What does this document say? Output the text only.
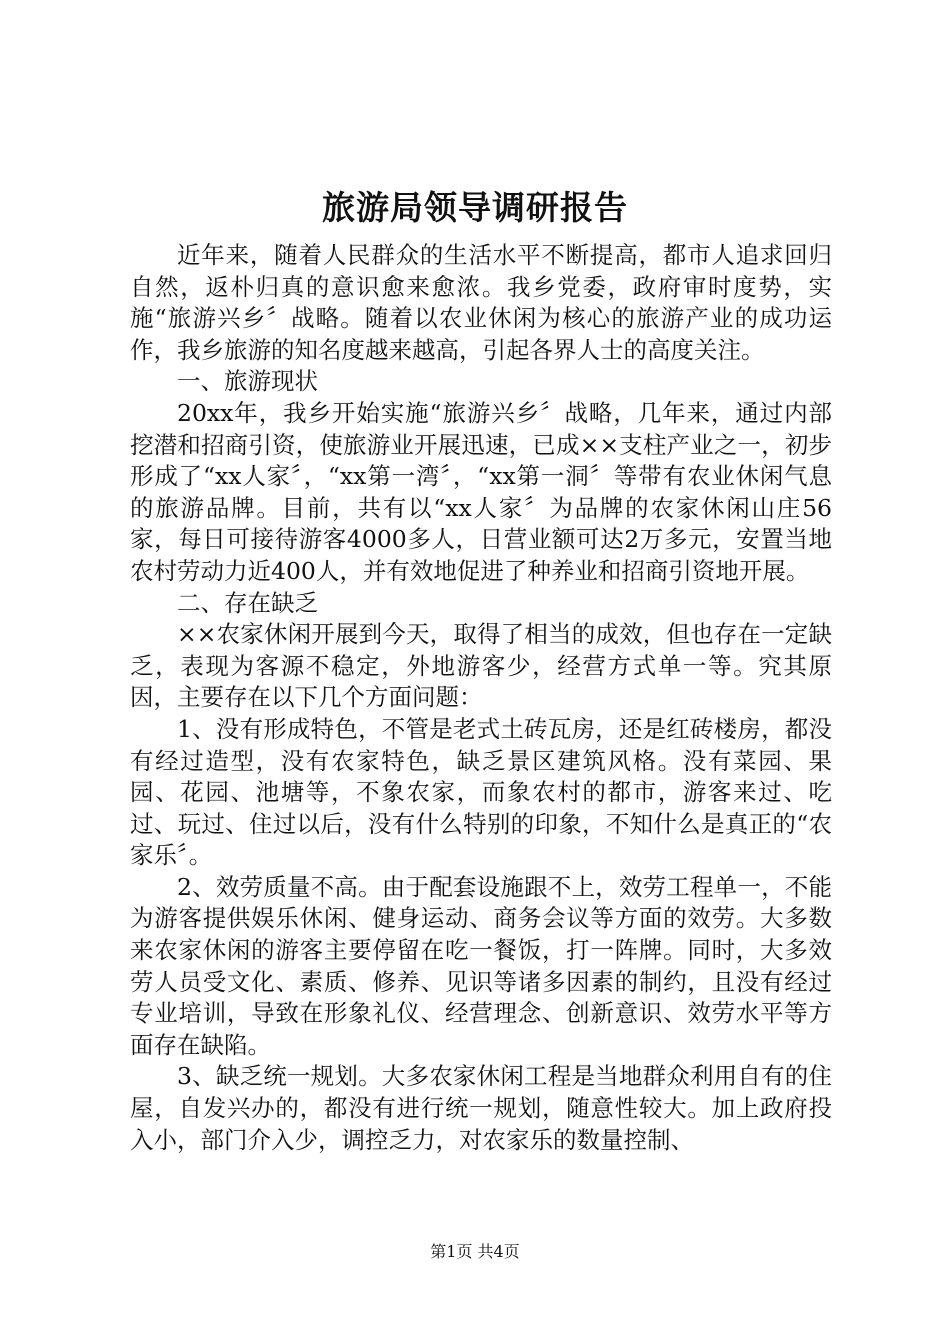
旅游局领导调研报告

近年来，随着人民群众的生活水平不断提高，都市人追求回归自然，返朴归真的意识愈来愈浓。我乡党委，政府审时度势，实施“旅游兴乡〞战略。随着以农业休闲为核心的旅游产业的成功运作，我乡旅游的知名度越来越高，引起各界人士的高度关注。

一、旅游现状

20xx年，我乡开始实施“旅游兴乡〞战略，几年来，通过内部挖潜和招商引资，使旅游业开展迅速，已成××支柱产业之一，初步形成了“xx人家〞，“xx第一湾〞，“xx第一洞〞等带有农业休闲气息的旅游品牌。目前，共有以“xx人家〞为品牌的农家休闲山庄56家，每日可接待游客4000多人，日营业额可达2万多元，安置当地农村劳动力近400人，并有效地促进了种养业和招商引资地开展。

二、存在缺乏

××农家休闲开展到今天，取得了相当的成效，但也存在一定缺乏，表现为客源不稳定，外地游客少，经营方式单一等。究其原因，主要存在以下几个方面问题：

1、没有形成特色，不管是老式土砖瓦房，还是红砖楼房，都没有经过造型，没有农家特色，缺乏景区建筑风格。没有菜园、果园、花园、池塘等，不象农家，而象农村的都市，游客来过、吃过、玩过、住过以后，没有什么特别的印象，不知什么是真正的“农家乐〞。

2、效劳质量不高。由于配套设施跟不上，效劳工程单一，不能为游客提供娱乐休闲、健身运动、商务会议等方面的效劳。大多数来农家休闲的游客主要停留在吃一餐饭，打一阵牌。同时，大多效劳人员受文化、素质、修养、见识等诸多因素的制约，且没有经过专业培训，导致在形象礼仪、经营理念、创新意识、效劳水平等方面存在缺陷。

3、缺乏统一规划。大多农家休闲工程是当地群众利用自有的住屋，自发兴办的，都没有进行统一规划，随意性较大。加上政府投入小，部门介入少，调控乏力，对农家乐的数量控制、

第1页 共4页
